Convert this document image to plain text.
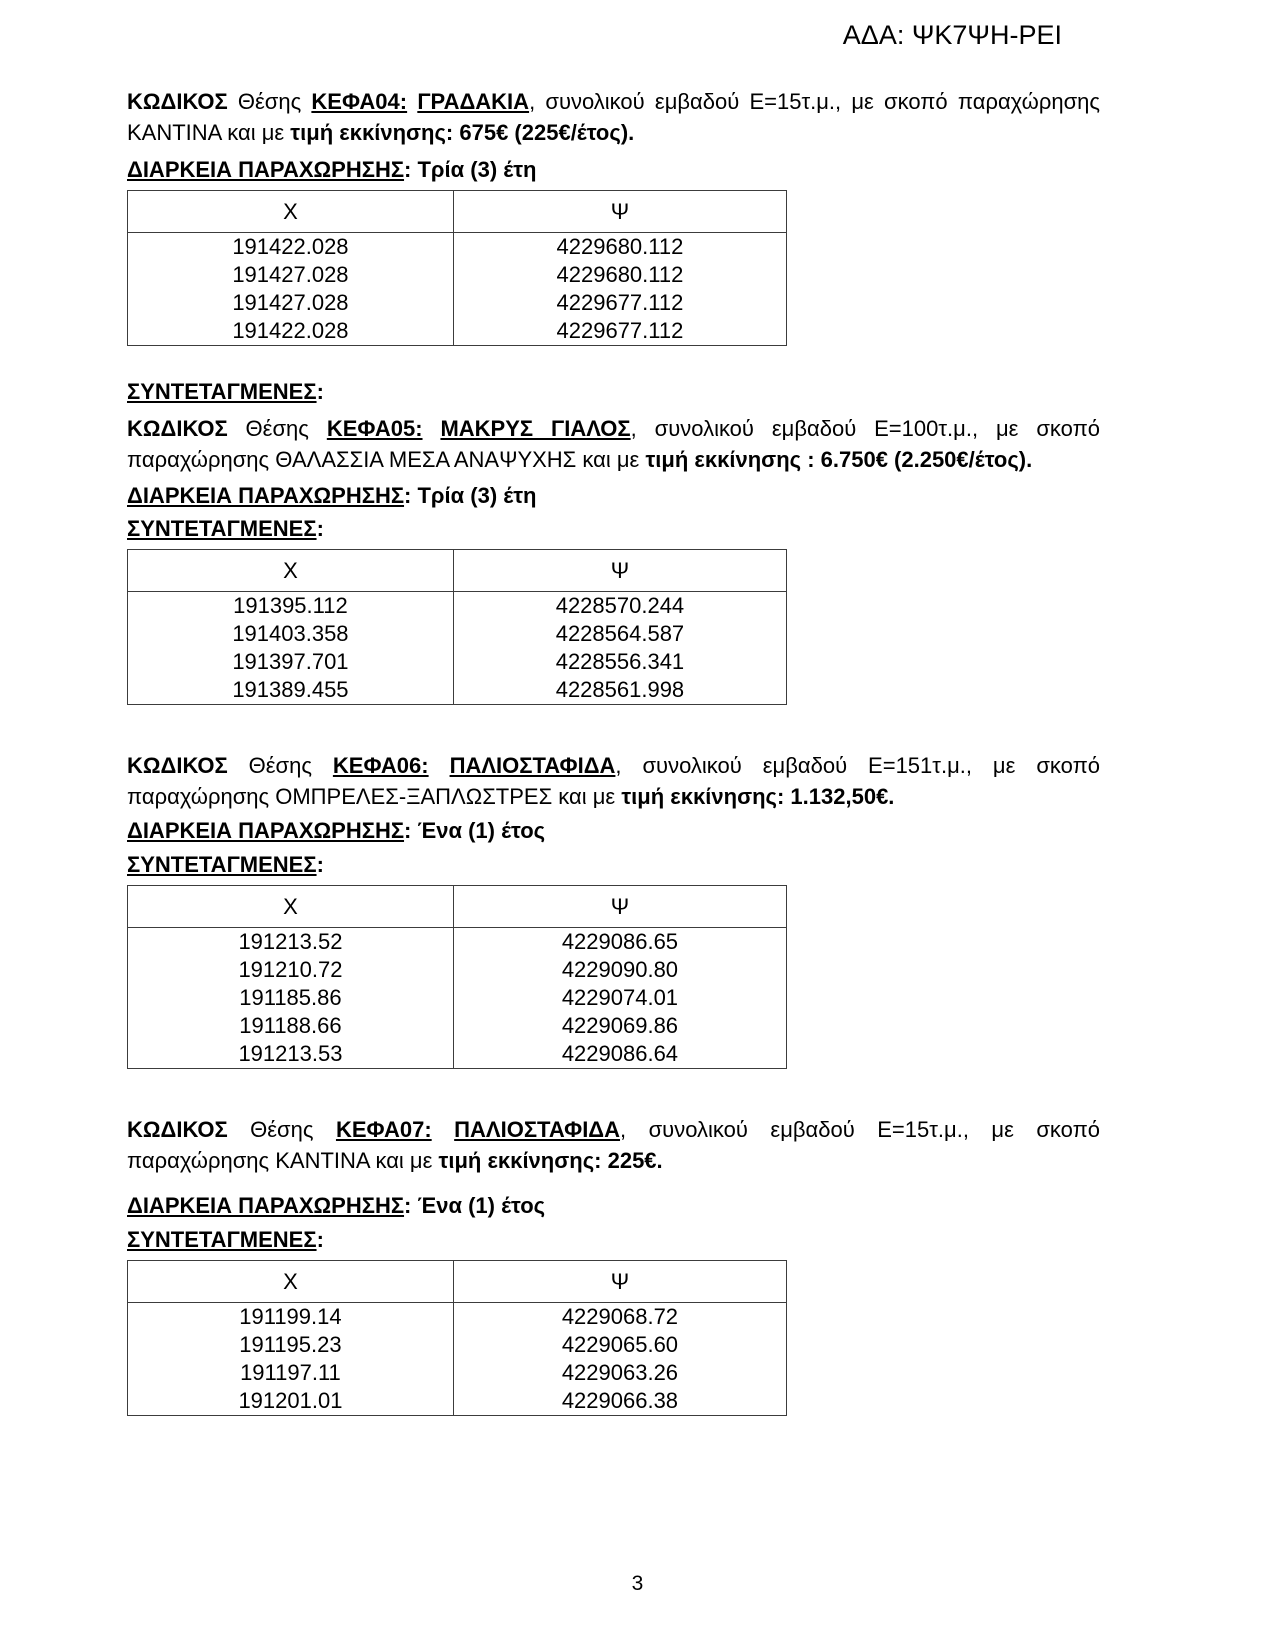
ΑΔΑ: ΨΚ7ΨΗ-ΡΕΙ

ΚΩΔΙΚΟΣ Θέσης ΚΕΦΑ04: ΓΡΑΔΑΚΙΑ, συνολικού εμβαδού Ε=15τ.μ., με σκοπό παραχώρησης ΚΑΝΤΙΝΑ και με τιμή εκκίνησης: 675€ (225€/έτος).

ΔΙΑΡΚΕΙΑ ΠΑΡΑΧΩΡΗΣΗΣ: Τρία (3) έτη

Χ	Ψ
191422.028	4229680.112
191427.028	4229680.112
191427.028	4229677.112
191422.028	4229677.112

ΣΥΝΤΕΤΑΓΜΕΝΕΣ:

ΚΩΔΙΚΟΣ Θέσης ΚΕΦΑ05: ΜΑΚΡΥΣ ΓΙΑΛΟΣ, συνολικού εμβαδού Ε=100τ.μ., με σκοπό παραχώρησης ΘΑΛΑΣΣΙΑ ΜΕΣΑ ΑΝΑΨΥΧΗΣ και με τιμή εκκίνησης : 6.750€ (2.250€/έτος).

ΔΙΑΡΚΕΙΑ ΠΑΡΑΧΩΡΗΣΗΣ: Τρία (3) έτη

ΣΥΝΤΕΤΑΓΜΕΝΕΣ:

Χ	Ψ
191395.112	4228570.244
191403.358	4228564.587
191397.701	4228556.341
191389.455	4228561.998

ΚΩΔΙΚΟΣ Θέσης ΚΕΦΑ06: ΠΑΛΙΟΣΤΑΦΙΔΑ, συνολικού εμβαδού Ε=151τ.μ., με σκοπό παραχώρησης ΟΜΠΡΕΛΕΣ-ΞΑΠΛΩΣΤΡΕΣ και με τιμή εκκίνησης: 1.132,50€.

ΔΙΑΡΚΕΙΑ ΠΑΡΑΧΩΡΗΣΗΣ: Ένα (1) έτος

ΣΥΝΤΕΤΑΓΜΕΝΕΣ:

Χ	Ψ
191213.52	4229086.65
191210.72	4229090.80
191185.86	4229074.01
191188.66	4229069.86
191213.53	4229086.64

ΚΩΔΙΚΟΣ Θέσης ΚΕΦΑ07: ΠΑΛΙΟΣΤΑΦΙΔΑ, συνολικού εμβαδού Ε=15τ.μ., με σκοπό παραχώρησης ΚΑΝΤΙΝΑ και με τιμή εκκίνησης: 225€.

ΔΙΑΡΚΕΙΑ ΠΑΡΑΧΩΡΗΣΗΣ: Ένα (1) έτος

ΣΥΝΤΕΤΑΓΜΕΝΕΣ:

Χ	Ψ
191199.14	4229068.72
191195.23	4229065.60
191197.11	4229063.26
191201.01	4229066.38
3
